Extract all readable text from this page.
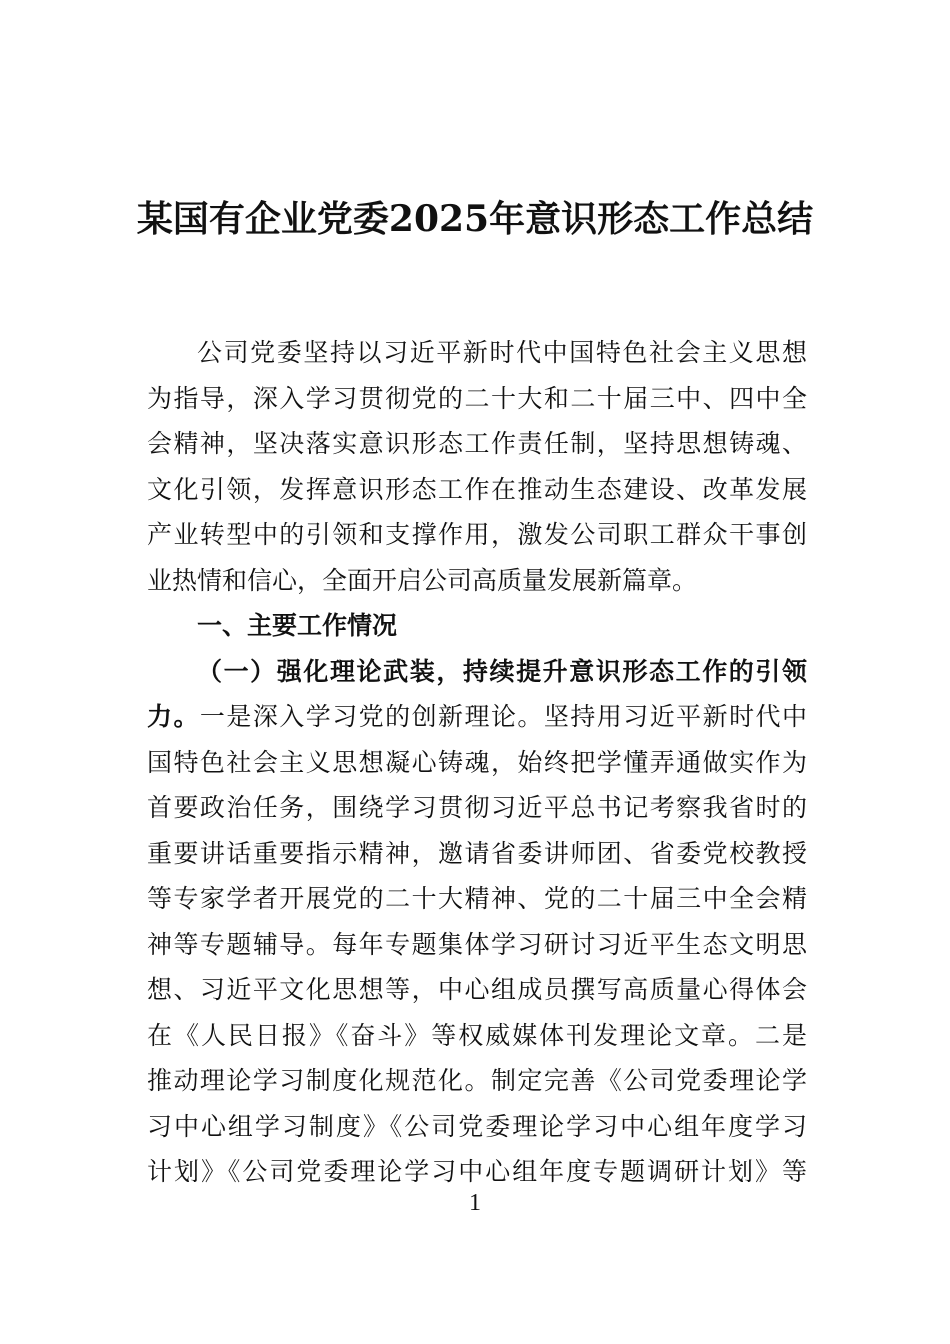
某国有企业党委2025年意识形态工作总结
公司党委坚持以习近平新时代中国特色社会主义思想
为指导，深入学习贯彻党的二十大和二十届三中、四中全
会精神，坚决落实意识形态工作责任制，坚持思想铸魂、
文化引领，发挥意识形态工作在推动生态建设、改革发展
产业转型中的引领和支撑作用，激发公司职工群众干事创
业热情和信心，全面开启公司高质量发展新篇章。
一、主要工作情况
（一）强化理论武装，持续提升意识形态工作的引领
力。一是深入学习党的创新理论。坚持用习近平新时代中
国特色社会主义思想凝心铸魂，始终把学懂弄通做实作为
首要政治任务，围绕学习贯彻习近平总书记考察我省时的
重要讲话重要指示精神，邀请省委讲师团、省委党校教授
等专家学者开展党的二十大精神、党的二十届三中全会精
神等专题辅导。每年专题集体学习研讨习近平生态文明思
想、习近平文化思想等，中心组成员撰写高质量心得体会
在《人民日报》《奋斗》等权威媒体刊发理论文章。二是
推动理论学习制度化规范化。制定完善《公司党委理论学
习中心组学习制度》《公司党委理论学习中心组年度学习
计划》《公司党委理论学习中心组年度专题调研计划》等
1
